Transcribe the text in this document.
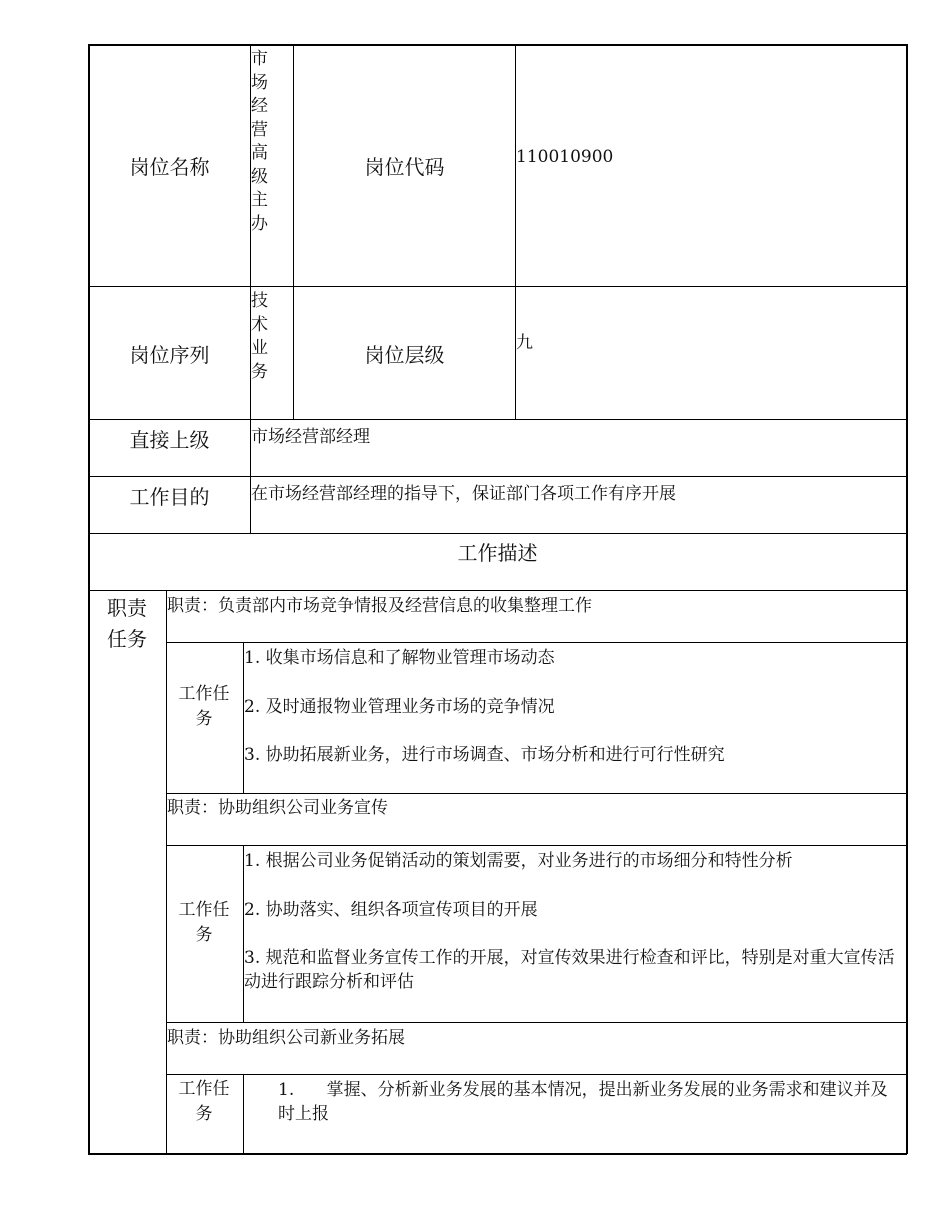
岗位名称
市场经营高级主办
岗位代码	110010900
岗位序列
技术业务
岗位层级	九
直接上级 市场经营部经理
工作目的 在市场经营部经理的指导下，保证部门各项工作有序开展
工作描述
职责任务
职责：负责部内市场竞争情报及经营信息的收集整理工作
工作任务

1. 收集市场信息和了解物业管理市场动态

2. 及时通报物业管理业务市场的竞争情况

3. 协助拓展新业务，进行市场调查、市场分析和进行可行性研究

职责：协助组织公司业务宣传
工作任务

1. 根据公司业务促销活动的策划需要，对业务进行的市场细分和特性分析

2. 协助落实、组织各项宣传项目的开展

3. 规范和监督业务宣传工作的开展，对宣传效果进行检查和评比，特别是对重大宣传活动进行跟踪分析和评估

职责：协助组织公司新业务拓展
工作任务

1.      掌握、分析新业务发展的基本情况，提出新业务发展的业务需求和建议并及时上报
